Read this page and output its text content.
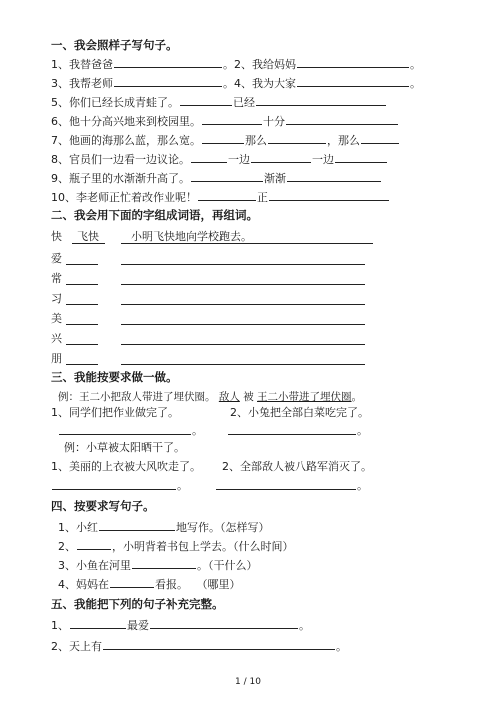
一、我会照样子写句子。
1、我替爸爸	。2、我给妈妈	。
3、我帮老师	。4、我为大家	。
5、你们已经长成青蛙了。	已经
6、他十分高兴地来到校园里。	十分
7、他画的海那么蓝，那么宽。	那么	，那么
8、官员们一边看一边议论。	一边	一边
9、瓶子里的水渐渐升高了。	渐渐
10、李老师正忙着改作业呢！	正
二、我会用下面的字组成词语，再组词。
快	飞快	小明飞快地向学校跑去。
爱
常
习
美
兴
朋
三、我能按要求做一做。
例：王二小把敌人带进了埋伏圈。 敌人 被 王二小带进了埋伏圈。
1、同学们把作业做完了。	2、小兔把全部白菜吃完了。
。	。
例：小草被太阳晒干了。
1、美丽的上衣被大风吹走了。 2、全部敌人被八路军消灭了。
。	。
四、按要求写句子。
1、小红	地写作。（怎样写）
2、	，小明背着书包上学去。（什么时间）
3、小鱼在河里	。（干什么）
4、妈妈在	看报。 （哪里）
五、我能把下列的句子补充完整。
1、	最爱	。
2、天上有	。
1 / 10
